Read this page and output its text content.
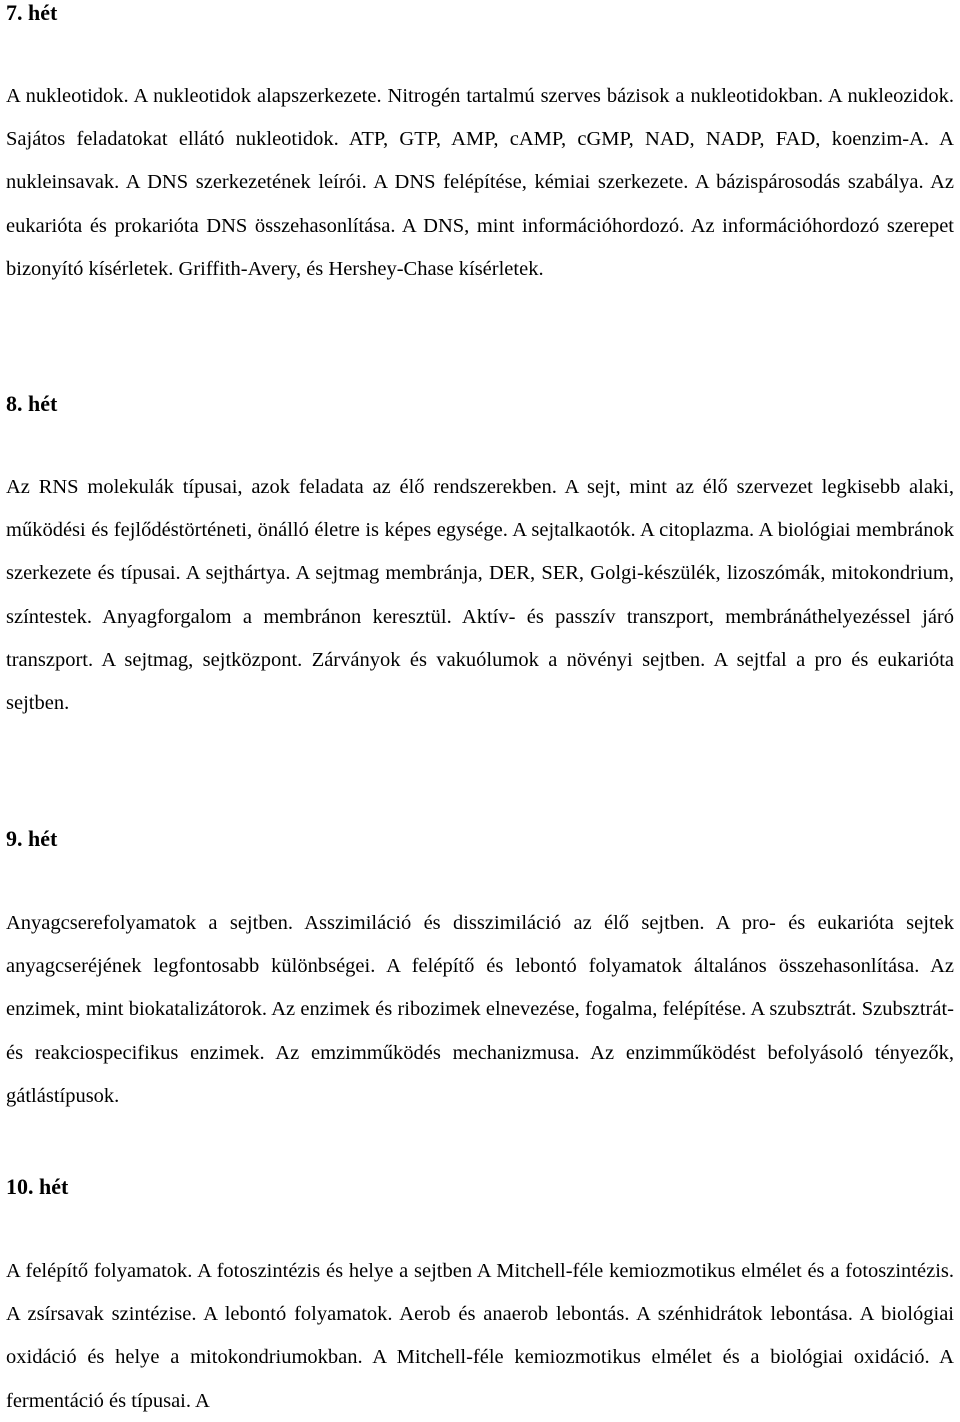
7. hét

A nukleotidok. A nukleotidok alapszerkezete. Nitrogén tartalmú szerves bázisok a nukleotidokban. A nukleozidok. Sajátos feladatokat ellátó nukleotidok. ATP, GTP, AMP, cAMP, cGMP, NAD, NADP, FAD, koenzim-A. A nukleinsavak. A DNS szerkezetének leírói. A DNS felépítése, kémiai szerkezete. A bázispárosodás szabálya. Az eukarióta és prokarióta DNS összehasonlítása. A DNS, mint információhordozó. Az információhordozó szerepet bizonyító kísérletek. Griffith-Avery, és Hershey-Chase kísérletek.

8. hét

Az RNS molekulák típusai, azok feladata az élő rendszerekben. A sejt, mint az élő szervezet legkisebb alaki, működési és fejlődéstörténeti, önálló életre is képes egysége. A sejtalkaotók. A citoplazma. A biológiai membránok szerkezete és típusai. A sejthártya. A sejtmag membránja, DER, SER, Golgi-készülék, lizoszómák, mitokondrium, színtestek. Anyagforgalom a membránon keresztül. Aktív- és passzív transzport, membránáthelyezéssel járó transzport. A sejtmag, sejtközpont. Zárványok és vakuólumok a növényi sejtben. A sejtfal a pro és eukarióta sejtben.

9. hét

Anyagcserefolyamatok a sejtben. Asszimiláció és disszimiláció az élő sejtben. A pro- és eukarióta sejtek anyagcseréjének legfontosabb különbségei. A felépítő és lebontó folyamatok általános összehasonlítása. Az enzimek, mint biokatalizátorok. Az enzimek és ribozimek elnevezése, fogalma, felépítése. A szubsztrát. Szubsztrát-és reakciospecifikus enzimek. Az emzimműködés mechanizmusa. Az enzimműködést befolyásoló tényezők, gátlástípusok.

10. hét

A felépítő folyamatok. A fotoszintézis és helye a sejtben A Mitchell-féle kemiozmotikus elmélet és a fotoszintézis. A zsírsavak szintézise. A lebontó folyamatok. Aerob és anaerob lebontás. A szénhidrátok lebontása. A biológiai oxidáció és helye a mitokondriumokban. A Mitchell-féle kemiozmotikus elmélet és a biológiai oxidáció. A fermentáció és típusai. A
